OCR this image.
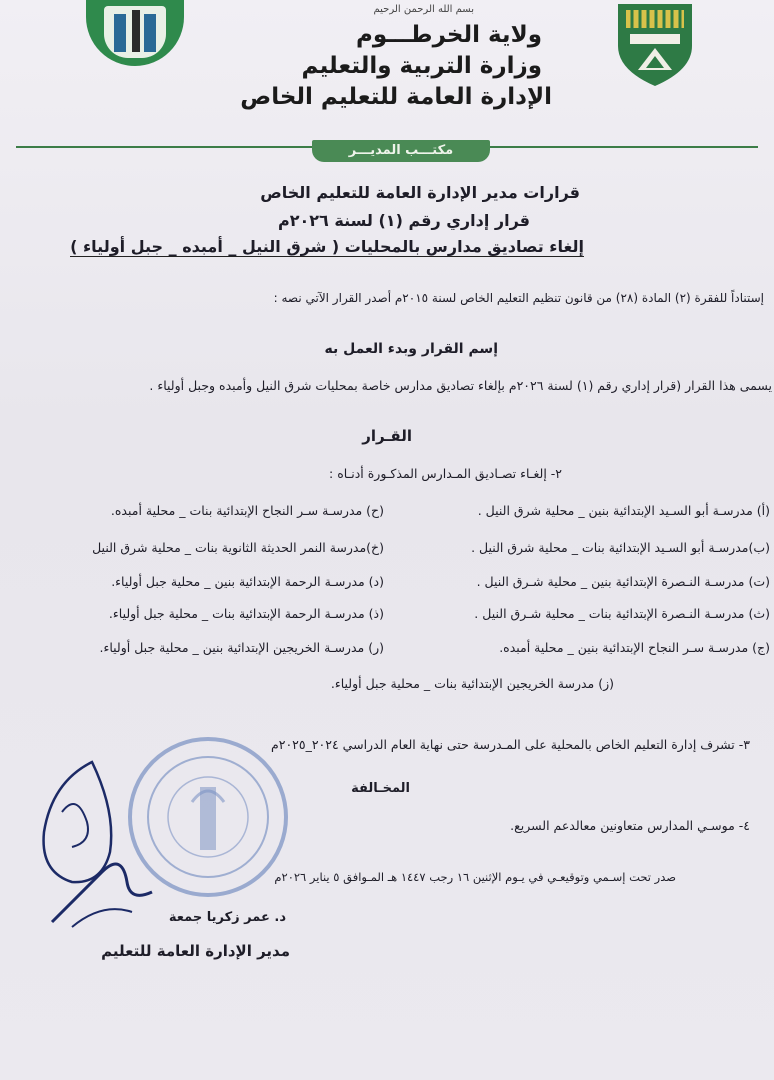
بسم الله الرحمن الرحيم
ولاية الخرطـــوم
وزارة التربية والتعليم
الإدارة العامة للتعليم الخاص
مكتـــب المديـــر
قرارات مدير الإدارة العامة للتعليم الخاص
قرار إداري رقم (١) لسنة ٢٠٢٦م
إلغاء تصاديق مدارس بالمحليات ( شرق النيل _ أمبده _ جبل أولياء )
إستناداً للفقرة (٢) المادة (٢٨) من قانون تنظيم التعليم الخاص لسنة ٢٠١٥م أصدر القرار الآتي نصه :
إسم القرار وبدء العمل به
يسمى هذا القرار (قرار إداري رقم (١) لسنة ٢٠٢٦م بإلغاء تصاديق مدارس خاصة بمحليات شرق النيل وأمبده وجبل أولياء .
القـرار
٢- إلغـاء تصـاديق المـدارس المذكـورة أدنـاه :
(أ) مدرسـة أبو السـيد الإبتدائية بنين _ محلية شرق النيل .
(ب)مدرسـة أبو السـيد الإبتدائية بنات _ محلية شرق النيل .
(ت) مدرسـة النـصرة الإبتدائية بنين _ محلية شـرق النيل .
(ث) مدرسـة النـصرة الإبتدائية بنات _ محلية شـرق النيل .
(ج) مدرسـة سـر النجاح الإبتدائية بنين _ محلية أمبده.
(ز) مدرسة الخريجين الإبتدائية بنات _ محلية جبل أولياء.
(ح) مدرسـة سـر النجاح الإبتدائية بنات _ محلية أمبده.
(خ)مدرسة النمر الحديثة الثانوية بنات _ محلية شرق النيل
(د) مدرسـة الرحمة الإبتدائية بنين _ محلية جبل أولياء.
(ذ) مدرسـة الرحمة الإبتدائية بنات _ محلية جبل أولياء.
(ر) مدرسـة الخريجين الإبتدائية بنين _ محلية جبل أولياء.
٣- تشرف إدارة التعليم الخاص بالمحلية على المـدرسة حتى نهاية العام الدراسي ٢٠٢٤_٢٠٢٥م
المخـالفة
٤- موسـي المدارس متعاونين معالدعم السريع.
صدر تحت إسـمي وتوقيعـي في يـوم الإثنين ١٦ رجب ١٤٤٧ هـ المـوافق ٥ يناير ٢٠٢٦م
د. عمر زكريا جمعة
مدير الإدارة العامة للتعليم
